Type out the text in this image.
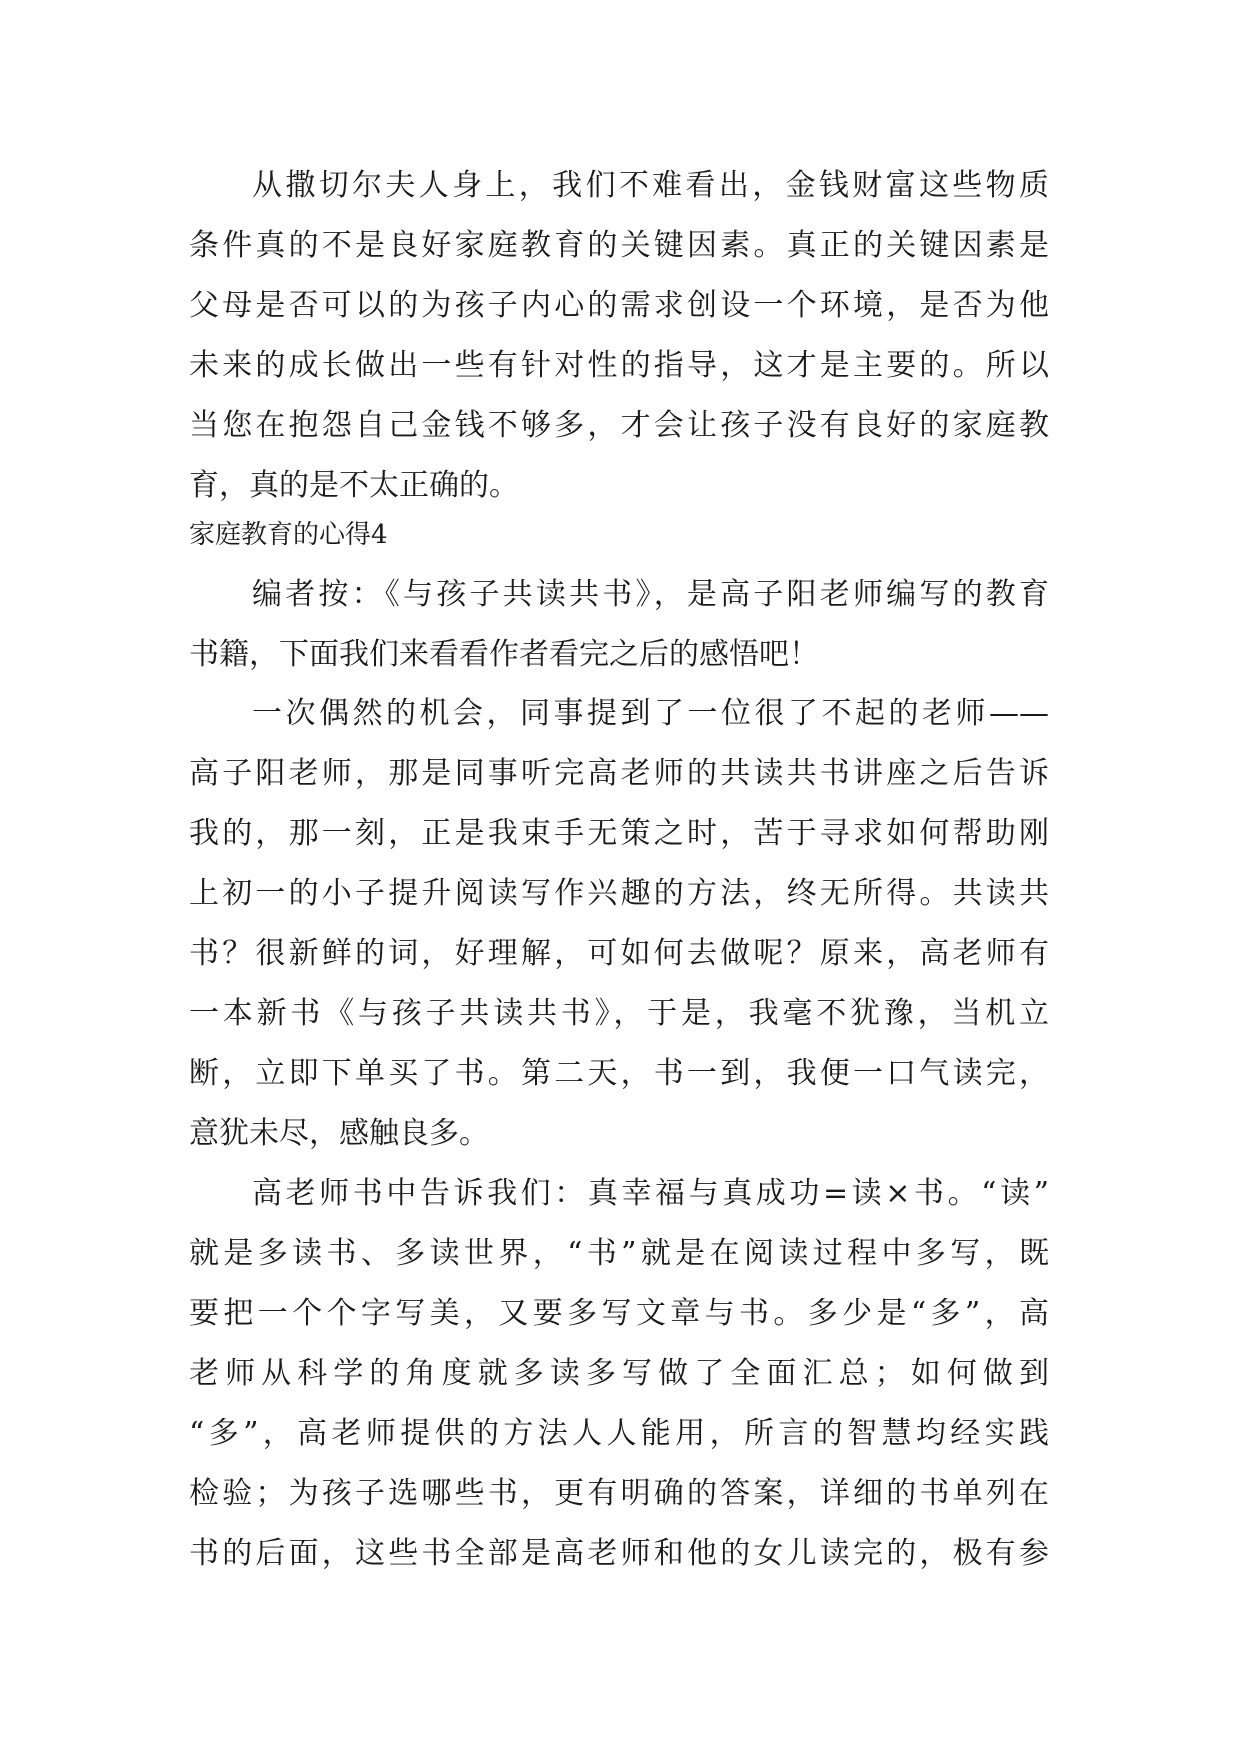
从撒切尔夫人身上，我们不难看出，金钱财富这些物质
条件真的不是良好家庭教育的关键因素。真正的关键因素是
父母是否可以的为孩子内心的需求创设一个环境，是否为他
未来的成长做出一些有针对性的指导，这才是主要的。所以
当您在抱怨自己金钱不够多，才会让孩子没有良好的家庭教
育，真的是不太正确的。
家庭教育的心得4
编者按：《与孩子共读共书》，是高子阳老师编写的教育
书籍，下面我们来看看作者看完之后的感悟吧！
一次偶然的机会，同事提到了一位很了不起的老师——
高子阳老师，那是同事听完高老师的共读共书讲座之后告诉
我的，那一刻，正是我束手无策之时，苦于寻求如何帮助刚
上初一的小子提升阅读写作兴趣的方法，终无所得。共读共
书？很新鲜的词，好理解，可如何去做呢？原来，高老师有
一本新书《与孩子共读共书》，于是，我毫不犹豫，当机立
断，立即下单买了书。第二天，书一到，我便一口气读完，
意犹未尽，感触良多。
高老师书中告诉我们：真幸福与真成功=读×书。“读”
就是多读书、多读世界，“书”就是在阅读过程中多写，既
要把一个个字写美，又要多写文章与书。多少是“多”，高
老师从科学的角度就多读多写做了全面汇总；如何做到
“多”，高老师提供的方法人人能用，所言的智慧均经实践
检验；为孩子选哪些书，更有明确的答案，详细的书单列在
书的后面，这些书全部是高老师和他的女儿读完的，极有参
